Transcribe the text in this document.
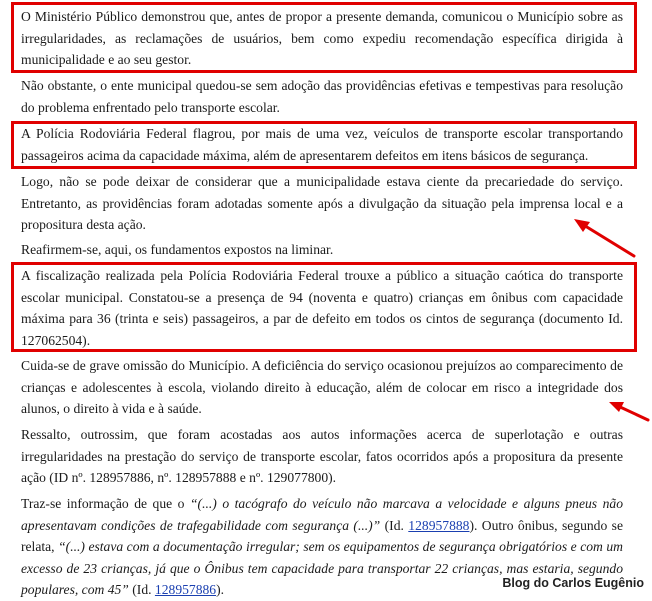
O Ministério Público demonstrou que, antes de propor a presente demanda, comunicou o Município sobre as irregularidades, as reclamações de usuários, bem como expediu recomendação específica dirigida à municipalidade e ao seu gestor.

Não obstante, o ente municipal quedou-se sem adoção das providências efetivas e tempestivas para resolução do problema enfrentado pelo transporte escolar.

A Polícia Rodoviária Federal flagrou, por mais de uma vez, veículos de transporte escolar transportando passageiros acima da capacidade máxima, além de apresentarem defeitos em itens básicos de segurança.

Logo, não se pode deixar de considerar que a municipalidade estava ciente da precariedade do serviço. Entretanto, as providências foram adotadas somente após a divulgação da situação pela imprensa local e a propositura desta ação.

Reafirmem-se, aqui, os fundamentos expostos na liminar.

A fiscalização realizada pela Polícia Rodoviária Federal trouxe a público a situação caótica do transporte escolar municipal. Constatou-se a presença de 94 (noventa e quatro) crianças em ônibus com capacidade máxima para 36 (trinta e seis) passageiros, a par de defeito em todos os cintos de segurança (documento Id. 127062504).

Cuida-se de grave omissão do Município. A deficiência do serviço ocasionou prejuízos ao comparecimento de crianças e adolescentes à escola, violando direito à educação, além de colocar em risco a integridade dos alunos, o direito à vida e à saúde.

Ressalto, outrossim, que foram acostadas aos autos informações acerca de superlotação e outras irregularidades na prestação do serviço de transporte escolar, fatos ocorridos após a propositura da presente ação (ID nº. 128957886, nº. 128957888 e nº. 129077800).

Traz-se informação de que o “(...) o tacógrafo do veículo não marcava a velocidade e alguns pneus não apresentavam condições de trafegabilidade com segurança (...)” (Id. 128957888). Outro ônibus, segundo se relata, “(...) estava com a documentação irregular; sem os equipamentos de segurança obrigatórios e com um excesso de 23 crianças, já que o Ônibus tem capacidade para transportar 22 crianças, mas estaria, segundo populares, com 45” (Id. 128957886).	Blog do Carlos Eugênio
